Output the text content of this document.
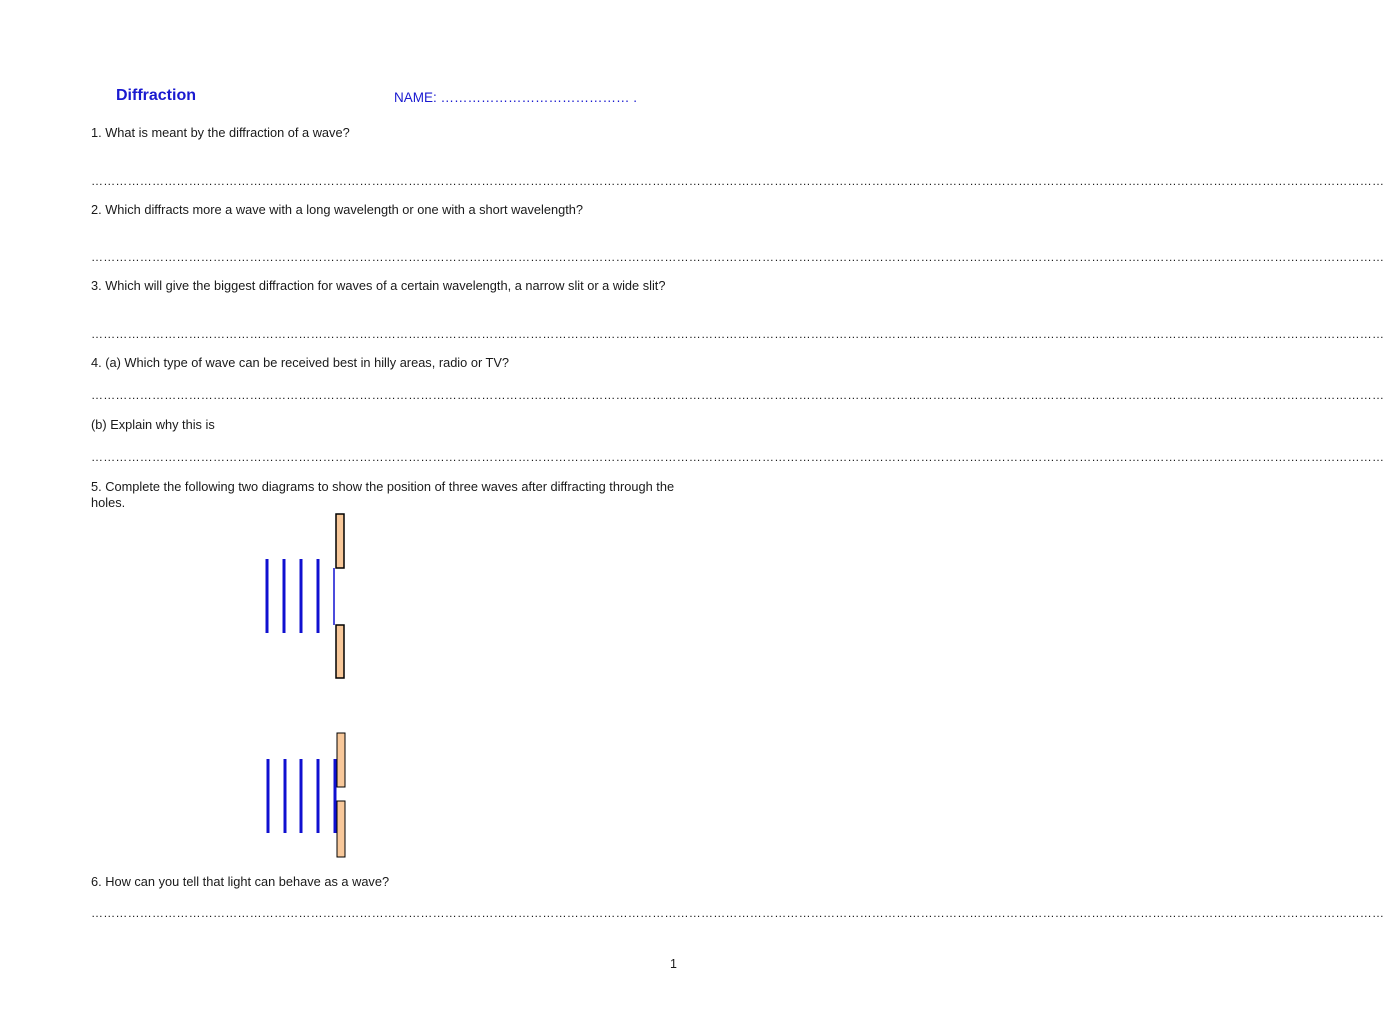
Diffraction	NAME: …………………………………… .
1. What is meant by the diffraction of a wave?
…………………………………………………………………………………………………………………………………………………………………………………………………………………………………………………………………………………………
2. Which diffracts more a wave with a long wavelength or one with a short wavelength?
…………………………………………………………………………………………………………………………………………………………………………………………………………………………………………………………………………………………
3. Which will give the biggest diffraction for waves of a certain wavelength, a narrow slit or a wide slit?
…………………………………………………………………………………………………………………………………………………………………………………………………………………………………………………………………………………………
4. (a) Which type of wave can be received best in hilly areas, radio or TV?
…………………………………………………………………………………………………………………………………………………………………………………………………………………………………………………………………………………………
(b) Explain why this is
…………………………………………………………………………………………………………………………………………………………………………………………………………………………………………………………………………………………
5. Complete the following two diagrams to show the position of three waves after diffracting through the holes.
6. How can you tell that light can behave as a wave?
…………………………………………………………………………………………………………………………………………………………………………………………………………………………………………………………………………………………
1
